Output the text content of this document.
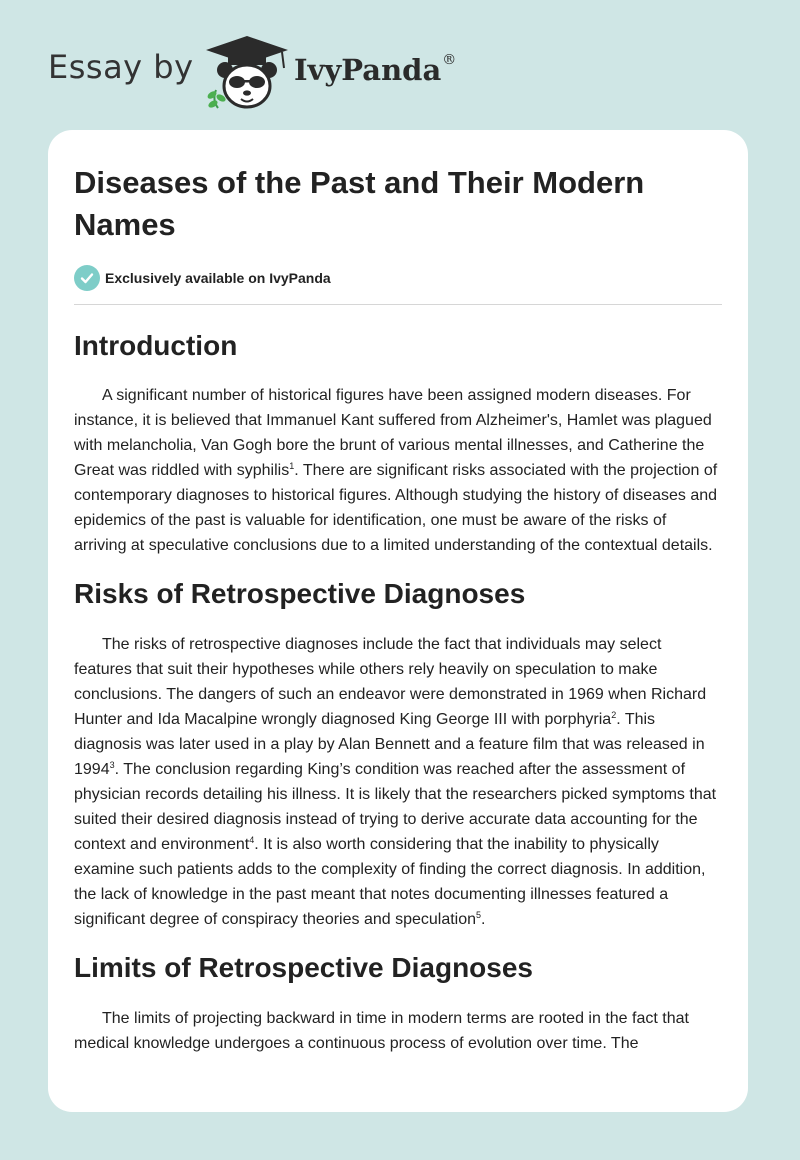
Essay by	IvyPanda®
Diseases of the Past and Their Modern Names
Exclusively available on IvyPanda
Introduction

A significant number of historical figures have been assigned modern diseases. For instance, it is believed that Immanuel Kant suffered from Alzheimer's, Hamlet was plagued with melancholia, Van Gogh bore the brunt of various mental illnesses, and Catherine the Great was riddled with syphilis$^1$. There are significant risks associated with the projection of contemporary diagnoses to historical figures. Although studying the history of diseases and epidemics of the past is valuable for identification, one must be aware of the risks of arriving at speculative conclusions due to a limited understanding of the contextual details.

Risks of Retrospective Diagnoses

The risks of retrospective diagnoses include the fact that individuals may select features that suit their hypotheses while others rely heavily on speculation to make conclusions. The dangers of such an endeavor were demonstrated in 1969 when Richard Hunter and Ida Macalpine wrongly diagnosed King George III with porphyria$^2$. This diagnosis was later used in a play by Alan Bennett and a feature film that was released in 1994$^3$. The conclusion regarding King’s condition was reached after the assessment of physician records detailing his illness. It is likely that the researchers picked symptoms that suited their desired diagnosis instead of trying to derive accurate data accounting for the context and environment$^4$. It is also worth considering that the inability to physically examine such patients adds to the complexity of finding the correct diagnosis. In addition, the lack of knowledge in the past meant that notes documenting illnesses featured a significant degree of conspiracy theories and speculation$^5$.

Limits of Retrospective Diagnoses

The limits of projecting backward in time in modern terms are rooted in the fact that medical knowledge undergoes a continuous process of evolution over time. The
